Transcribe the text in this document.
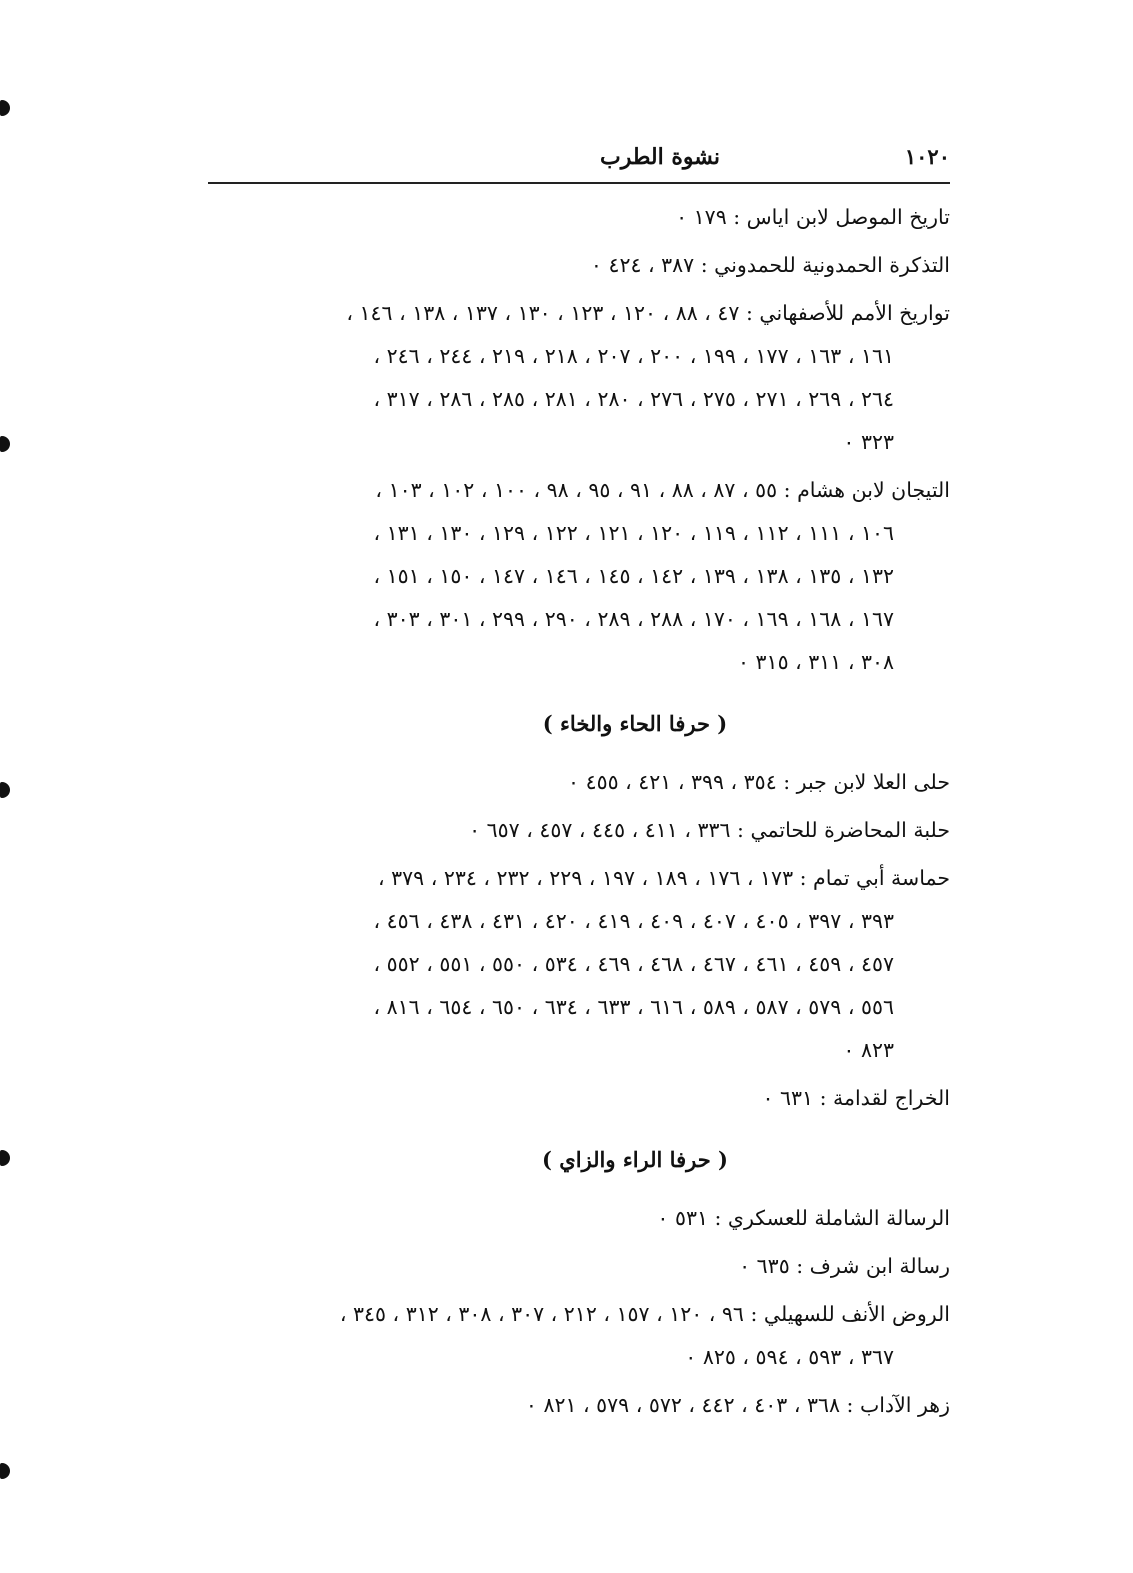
١٠٢٠
نشوة الطرب
تاريخ الموصل لابن اياس : ١٧٩ ٠
التذكرة الحمدونية للحمدوني : ٣٨٧ ، ٤٢٤ ٠
تواريخ الأمم للأصفهاني : ٤٧ ، ٨٨ ، ١٢٠ ، ١٢٣ ، ١٣٠ ، ١٣٧ ، ١٣٨ ، ١٤٦ ،
١٦١ ، ١٦٣ ، ١٧٧ ، ١٩٩ ، ٢٠٠ ، ٢٠٧ ، ٢١٨ ، ٢١٩ ، ٢٤٤ ، ٢٤٦ ،
٢٦٤ ، ٢٦٩ ، ٢٧١ ، ٢٧٥ ، ٢٧٦ ، ٢٨٠ ، ٢٨١ ، ٢٨٥ ، ٢٨٦ ، ٣١٧ ،
٣٢٣ ٠
التيجان لابن هشام : ٥٥ ، ٨٧ ، ٨٨ ، ٩١ ، ٩٥ ، ٩٨ ، ١٠٠ ، ١٠٢ ، ١٠٣ ،
١٠٦ ، ١١١ ، ١١٢ ، ١١٩ ، ١٢٠ ، ١٢١ ، ١٢٢ ، ١٢٩ ، ١٣٠ ، ١٣١ ،
١٣٢ ، ١٣٥ ، ١٣٨ ، ١٣٩ ، ١٤٢ ، ١٤٥ ، ١٤٦ ، ١٤٧ ، ١٥٠ ، ١٥١ ،
١٦٧ ، ١٦٨ ، ١٦٩ ، ١٧٠ ، ٢٨٨ ، ٢٨٩ ، ٢٩٠ ، ٢٩٩ ، ٣٠١ ، ٣٠٣ ،
٣٠٨ ، ٣١١ ، ٣١٥ ٠
( حرفا الحاء والخاء )
حلى العلا لابن جبر : ٣٥٤ ، ٣٩٩ ، ٤٢١ ، ٤٥٥ ٠
حلبة المحاضرة للحاتمي : ٣٣٦ ، ٤١١ ، ٤٤٥ ، ٤٥٧ ، ٦٥٧ ٠
حماسة أبي تمام : ١٧٣ ، ١٧٦ ، ١٨٩ ، ١٩٧ ، ٢٢٩ ، ٢٣٢ ، ٢٣٤ ، ٣٧٩ ،
٣٩٣ ، ٣٩٧ ، ٤٠٥ ، ٤٠٧ ، ٤٠٩ ، ٤١٩ ، ٤٢٠ ، ٤٣١ ، ٤٣٨ ، ٤٥٦ ،
٤٥٧ ، ٤٥٩ ، ٤٦١ ، ٤٦٧ ، ٤٦٨ ، ٤٦٩ ، ٥٣٤ ، ٥٥٠ ، ٥٥١ ، ٥٥٢ ،
٥٥٦ ، ٥٧٩ ، ٥٨٧ ، ٥٨٩ ، ٦١٦ ، ٦٣٣ ، ٦٣٤ ، ٦٥٠ ، ٦٥٤ ، ٨١٦ ،
٨٢٣ ٠
الخراج لقدامة : ٦٣١ ٠
( حرفا الراء والزاي )
الرسالة الشاملة للعسكري : ٥٣١ ٠
رسالة ابن شرف : ٦٣٥ ٠
الروض الأنف للسهيلي : ٩٦ ، ١٢٠ ، ١٥٧ ، ٢١٢ ، ٣٠٧ ، ٣٠٨ ، ٣١٢ ، ٣٤٥ ،
٣٦٧ ، ٥٩٣ ، ٥٩٤ ، ٨٢٥ ٠
زهر الآداب : ٣٦٨ ، ٤٠٣ ، ٤٤٢ ، ٥٧٢ ، ٥٧٩ ، ٨٢١ ٠
